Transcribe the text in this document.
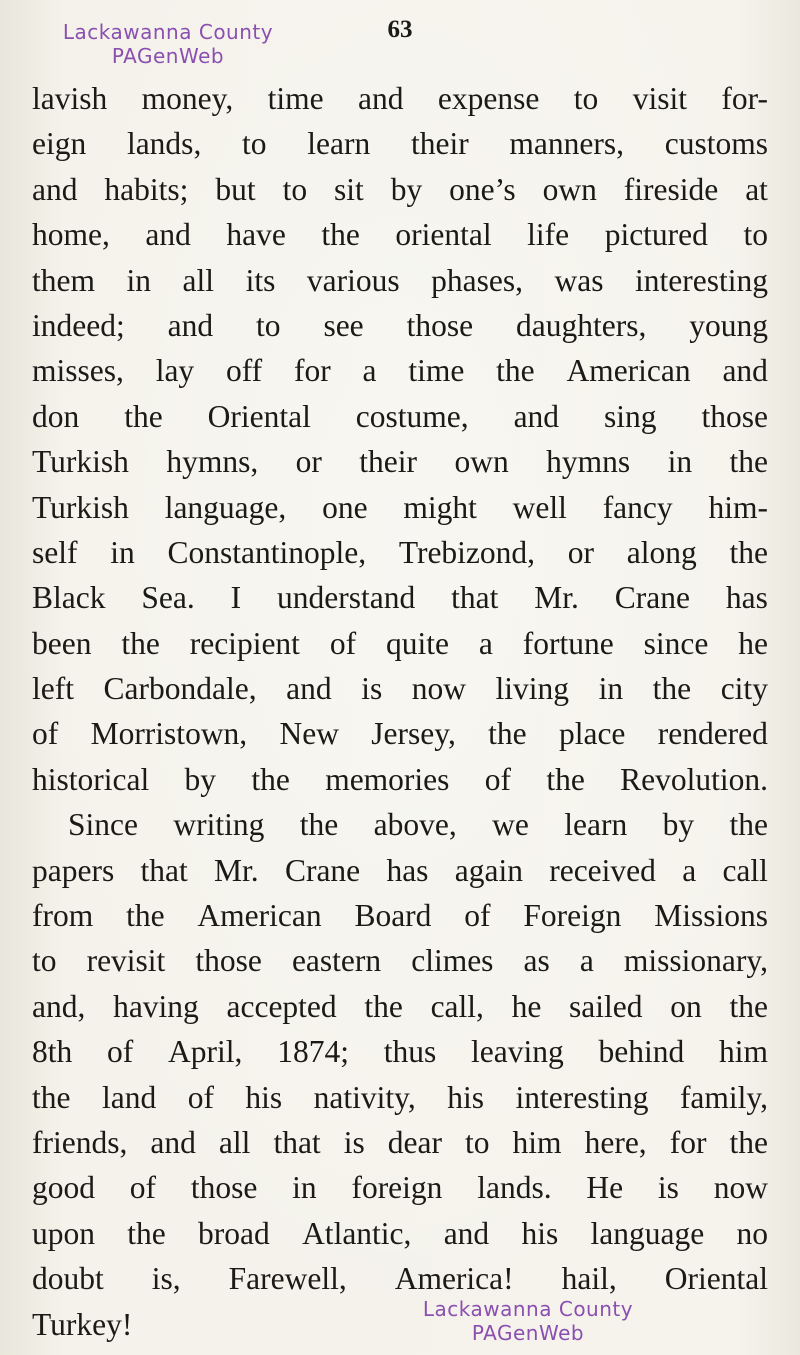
Lackawanna County
PAGenWeb
63
lavish money, time and expense to visit for-
eign lands, to learn their manners, customs
and habits; but to sit by one’s own fireside at
home, and have the oriental life pictured to
them in all its various phases, was interesting
indeed; and to see those daughters, young
misses, lay off for a time the American and
don the Oriental costume, and sing those
Turkish hymns, or their own hymns in the
Turkish language, one might well fancy him-
self in Constantinople, Trebizond, or along the
Black Sea. I understand that Mr. Crane has
been the recipient of quite a fortune since he
left Carbondale, and is now living in the city
of Morristown, New Jersey, the place rendered
historical by the memories of the Revolution.
Since writing the above, we learn by the
papers that Mr. Crane has again received a call
from the American Board of Foreign Missions
to revisit those eastern climes as a missionary,
and, having accepted the call, he sailed on the
8th of April, 1874; thus leaving behind him
the land of his nativity, his interesting family,
friends, and all that is dear to him here, for the
good of those in foreign lands. He is now
upon the broad Atlantic, and his language no
doubt is, Farewell, America! hail, Oriental
Turkey!	Lackawanna County
PAGenWeb
